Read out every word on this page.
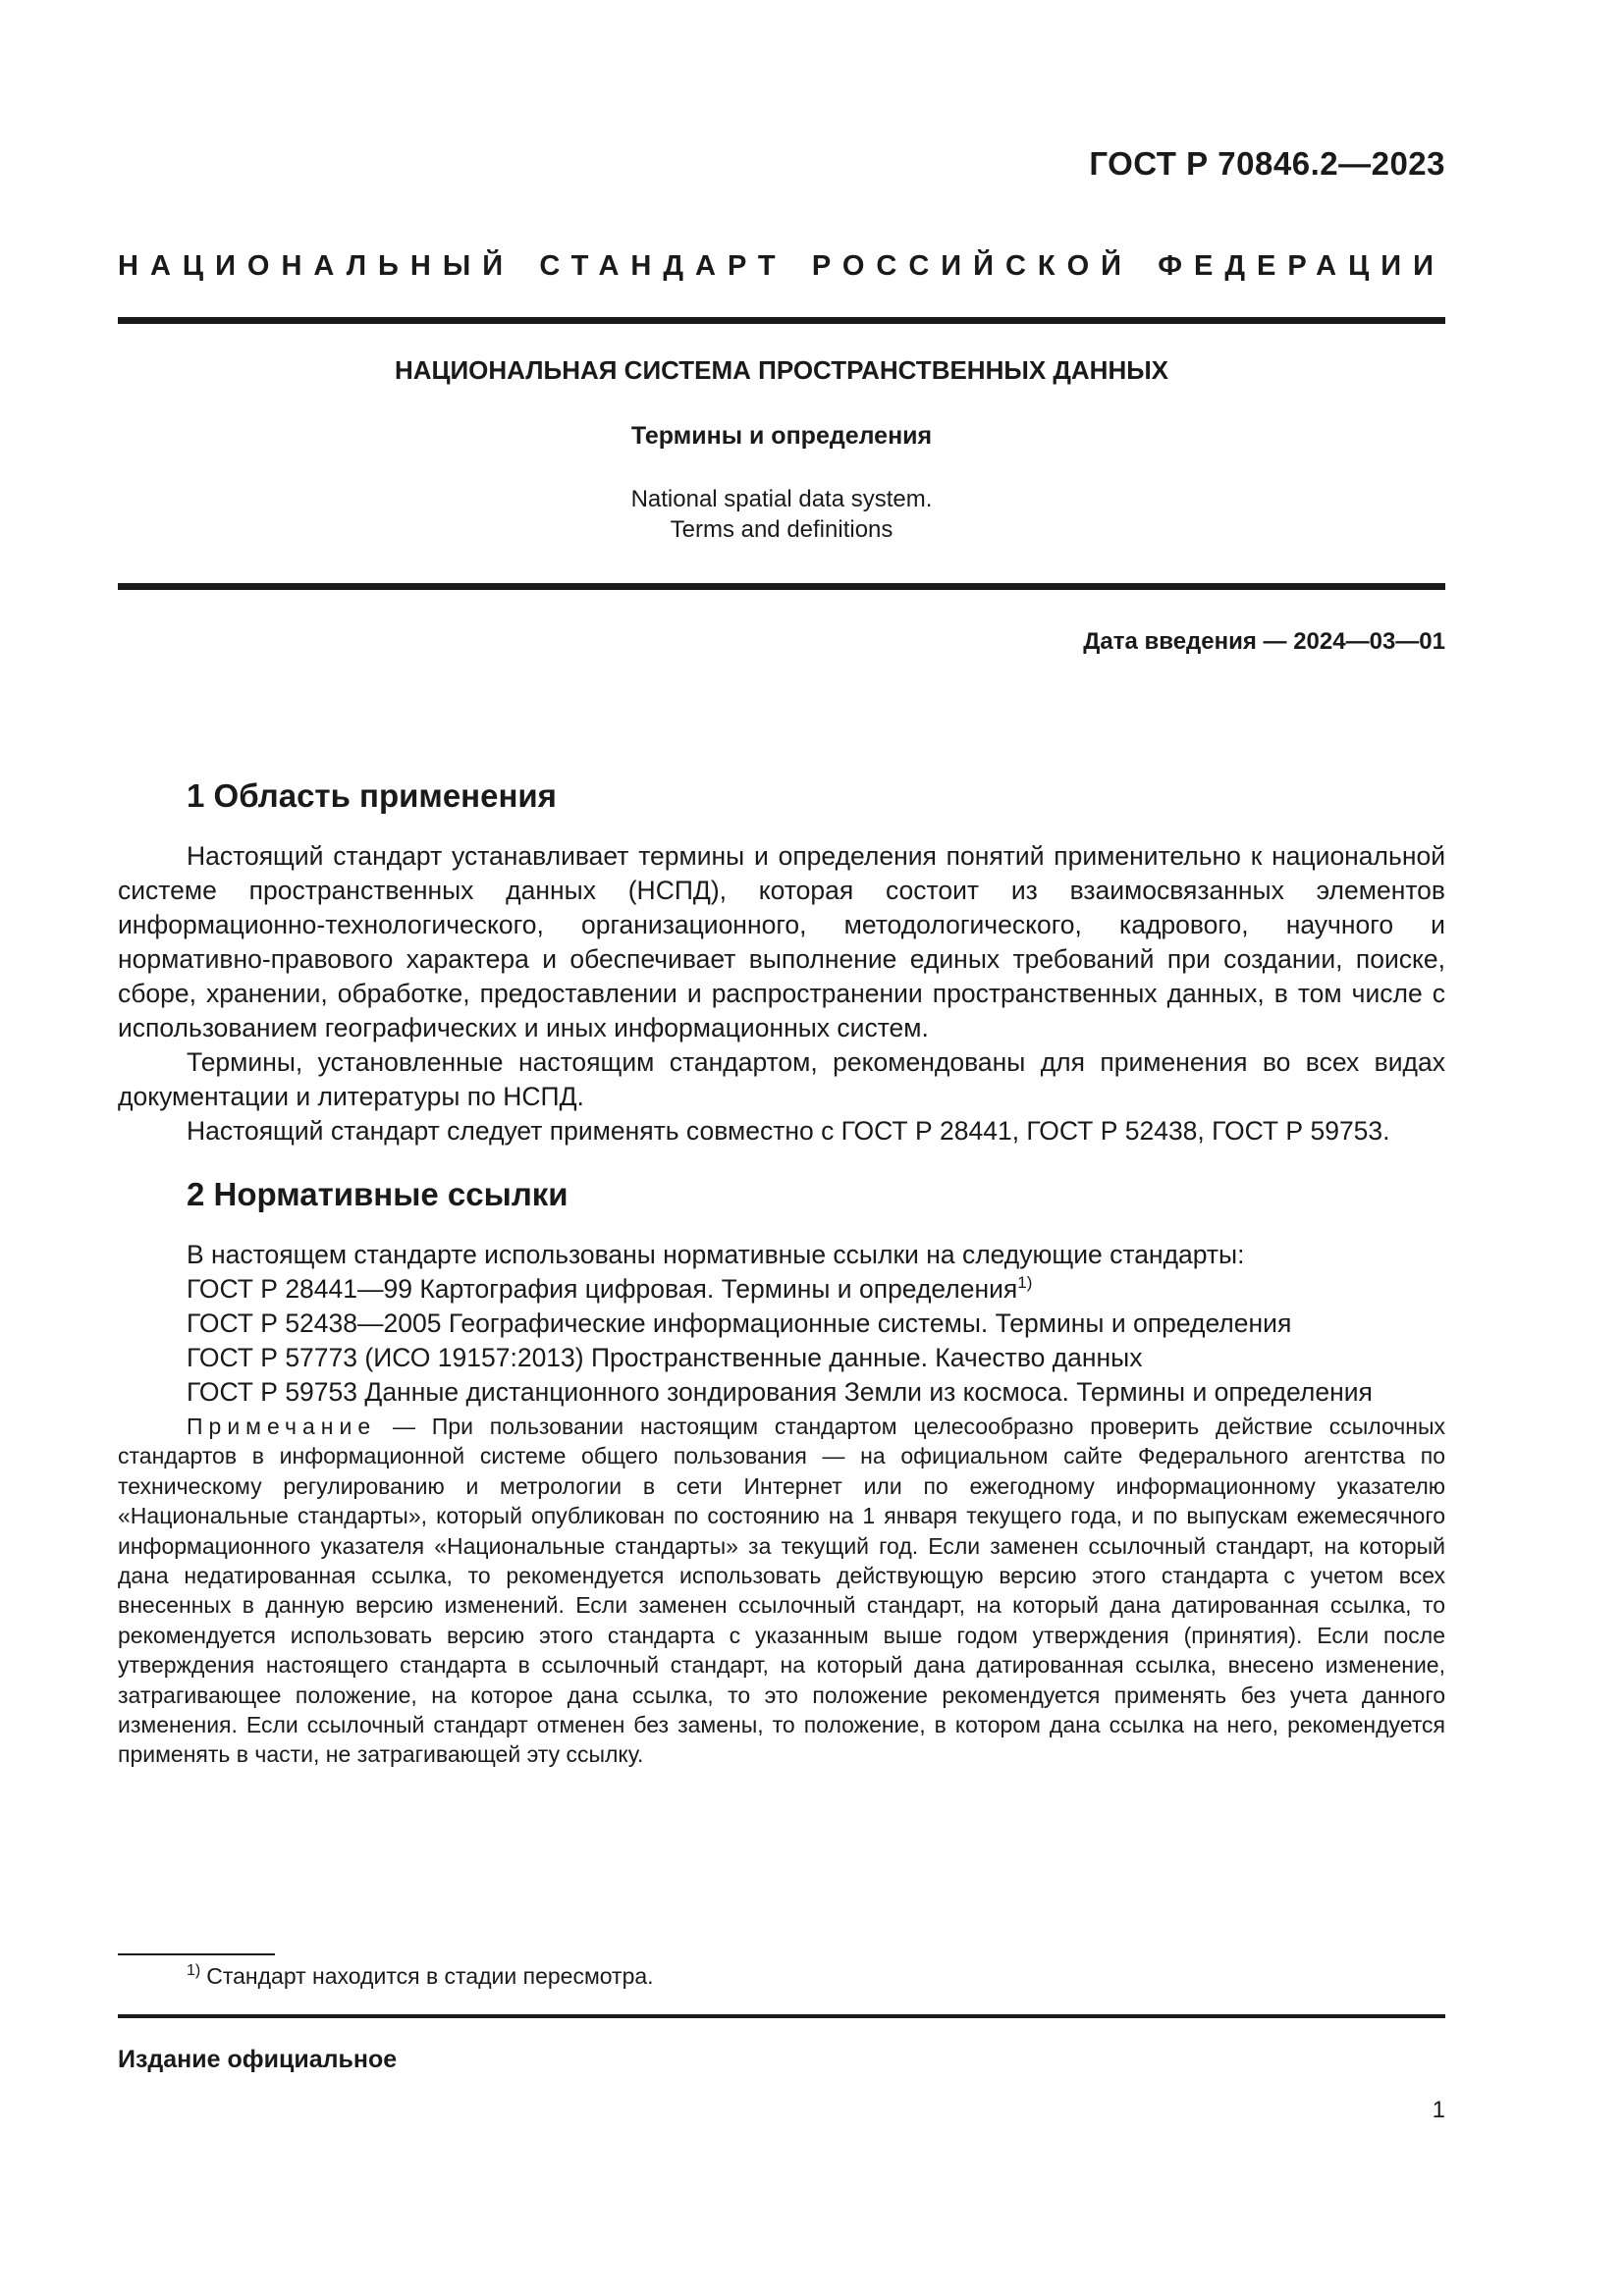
ГОСТ Р 70846.2—2023
НАЦИОНАЛЬНЫЙ СТАНДАРТ РОССИЙСКОЙ ФЕДЕРАЦИИ
НАЦИОНАЛЬНАЯ СИСТЕМА ПРОСТРАНСТВЕННЫХ ДАННЫХ
Термины и определения
National spatial data system.
Terms and definitions
Дата введения — 2024—03—01
1 Область применения

Настоящий стандарт устанавливает термины и определения понятий применительно к национальной системе пространственных данных (НСПД), которая состоит из взаимосвязанных элементов информационно-технологического, организационного, методологического, кадрового, научного и нормативно-правового характера и обеспечивает выполнение единых требований при создании, поиске, сборе, хранении, обработке, предоставлении и распространении пространственных данных, в том числе с использованием географических и иных информационных систем.

Термины, установленные настоящим стандартом, рекомендованы для применения во всех видах документации и литературы по НСПД.

Настоящий стандарт следует применять совместно с ГОСТ Р 28441, ГОСТ Р 52438, ГОСТ Р 59753.

2 Нормативные ссылки

В настоящем стандарте использованы нормативные ссылки на следующие стандарты:

ГОСТ Р 28441—99 Картография цифровая. Термины и определения$^{1)}$

ГОСТ Р 52438—2005 Географические информационные системы. Термины и определения

ГОСТ Р 57773 (ИСО 19157:2013) Пространственные данные. Качество данных

ГОСТ Р 59753 Данные дистанционного зондирования Земли из космоса. Термины и определения

Примечание — При пользовании настоящим стандартом целесообразно проверить действие ссылочных стандартов в информационной системе общего пользования — на официальном сайте Федерального агентства по техническому регулированию и метрологии в сети Интернет или по ежегодному информационному указателю «Национальные стандарты», который опубликован по состоянию на 1 января текущего года, и по выпускам ежемесячного информационного указателя «Национальные стандарты» за текущий год. Если заменен ссылочный стандарт, на который дана недатированная ссылка, то рекомендуется использовать действующую версию этого стандарта с учетом всех внесенных в данную версию изменений. Если заменен ссылочный стандарт, на который дана датированная ссылка, то рекомендуется использовать версию этого стандарта с указанным выше годом утверждения (принятия). Если после утверждения настоящего стандарта в ссылочный стандарт, на который дана датированная ссылка, внесено изменение, затрагивающее положение, на которое дана ссылка, то это положение рекомендуется применять без учета данного изменения. Если ссылочный стандарт отменен без замены, то положение, в котором дана ссылка на него, рекомендуется применять в части, не затрагивающей эту ссылку.

$^{1)}$ Стандарт находится в стадии пересмотра.
Издание официальное
1
